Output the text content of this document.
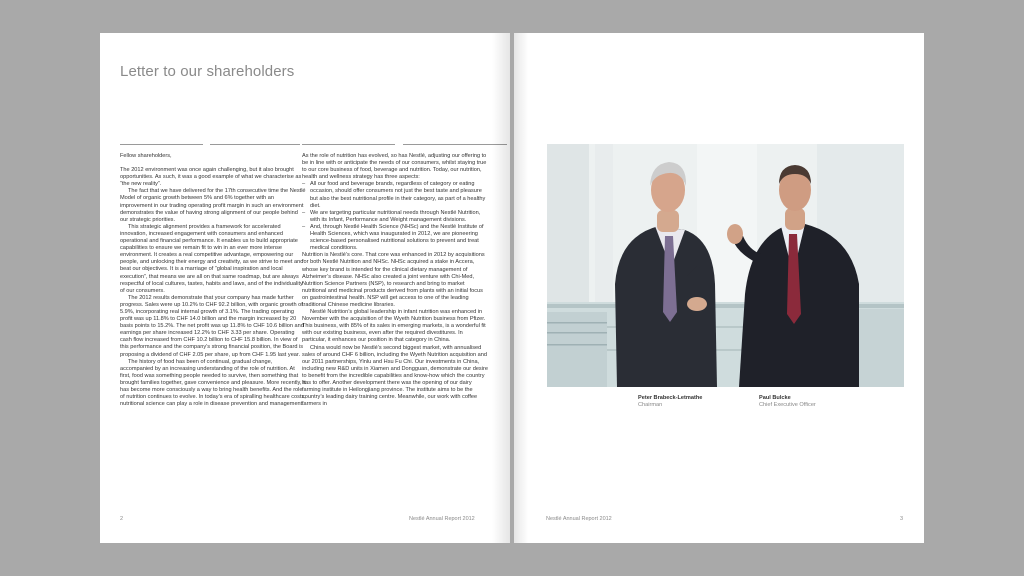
Letter to our shareholders

Fellow shareholders,

The 2012 environment was once again challenging, but it also brought opportunities. As such, it was a good example of what we characterise as “the new reality”.

The fact that we have delivered for the 17th consecutive time the Nestlé Model of organic growth between 5% and 6% together with an improvement in our trading operating profit margin in such an environment demonstrates the value of having strong alignment of our people behind our strategic priorities.

This strategic alignment provides a framework for accelerated innovation, increased engagement with consumers and enhanced operational and financial performance. It enables us to build appropriate capabilities to ensure we remain fit to win in an ever more intense environment. It creates a real competitive advantage, empowering our people, and unlocking their energy and creativity, as we strive to meet and beat our objectives. It is a marriage of “global inspiration and local execution”, that means we are all on that same roadmap, but are always respectful of local cultures, tastes, habits and laws, and of the individuality of our consumers.

The 2012 results demonstrate that your company has made further progress. Sales were up 10.2% to CHF 92.2 billion, with organic growth of 5.9%, incorporating real internal growth of 3.1%. The trading operating profit was up 11.8% to CHF 14.0 billion and the margin increased by 20 basis points to 15.2%. The net profit was up 11.8% to CHF 10.6 billion and earnings per share increased 12.2% to CHF 3.33 per share. Operating cash flow increased from CHF 10.2 billion to CHF 15.8 billion. In view of this performance and the company’s strong financial position, the Board is proposing a dividend of CHF 2.05 per share, up from CHF 1.95 last year.

The history of food has been of continual, gradual change, accompanied by an increasing understanding of the role of nutrition. At first, food was something people needed to survive, then something that brought families together, gave convenience and pleasure. More recently, it has become more consciously a way to bring health benefits. And the role of nutrition continues to evolve. In today’s era of spiralling healthcare costs, nutritional science can play a role in disease prevention and management.

As the role of nutrition has evolved, so has Nestlé, adjusting our offering to be in line with or anticipate the needs of our consumers, whilst staying true to our core business of food, beverage and nutrition. Today, our nutrition, health and wellness strategy has three aspects:

– All our food and beverage brands, regardless of category or eating occasion, should offer consumers not just the best taste and pleasure but also the best nutritional profile in their category, as part of a healthy diet.
– We are targeting particular nutritional needs through Nestlé Nutrition, with its Infant, Performance and Weight management divisions.
– And, through Nestlé Health Science (NHSc) and the Nestlé Institute of Health Sciences, which was inaugurated in 2012, we are pioneering science-based personalised nutritional solutions to prevent and treat medical conditions.

Nutrition is Nestlé’s core. That core was enhanced in 2012 by acquisitions for both Nestlé Nutrition and NHSc. NHSc acquired a stake in Accera, whose key brand is intended for the clinical dietary management of Alzheimer’s disease. NHSc also created a joint venture with Chi-Med, Nutrition Science Partners (NSP), to research and bring to market nutritional and medicinal products derived from plants with an initial focus on gastrointestinal health. NSP will get access to one of the leading traditional Chinese medicine libraries.

Nestlé Nutrition’s global leadership in infant nutrition was enhanced in November with the acquisition of the Wyeth Nutrition business from Pfizer. This business, with 85% of its sales in emerging markets, is a wonderful fit with our existing business, even after the required divestitures. In particular, it enhances our position in that category in China.

China would now be Nestlé’s second biggest market, with annualised sales of around CHF 6 billion, including the Wyeth Nutrition acquisition and our 2011 partnerships, Yinlu and Hsu Fu Chi. Our investments in China, including new R&D units in Xiamen and Dongguan, demonstrate our desire to benefit from the incredible capabilities and know-how which the country has to offer. Another development there was the opening of our dairy farming institute in Heilongjiang province. The institute aims to be the country’s leading dairy training centre. Meanwhile, our work with coffee farmers in

2	Nestlé Annual Report 2012
Peter Brabeck-Letmathe
Chairman
Paul Bulcke
Chief Executive Officer
Nestlé Annual Report 2012	3
